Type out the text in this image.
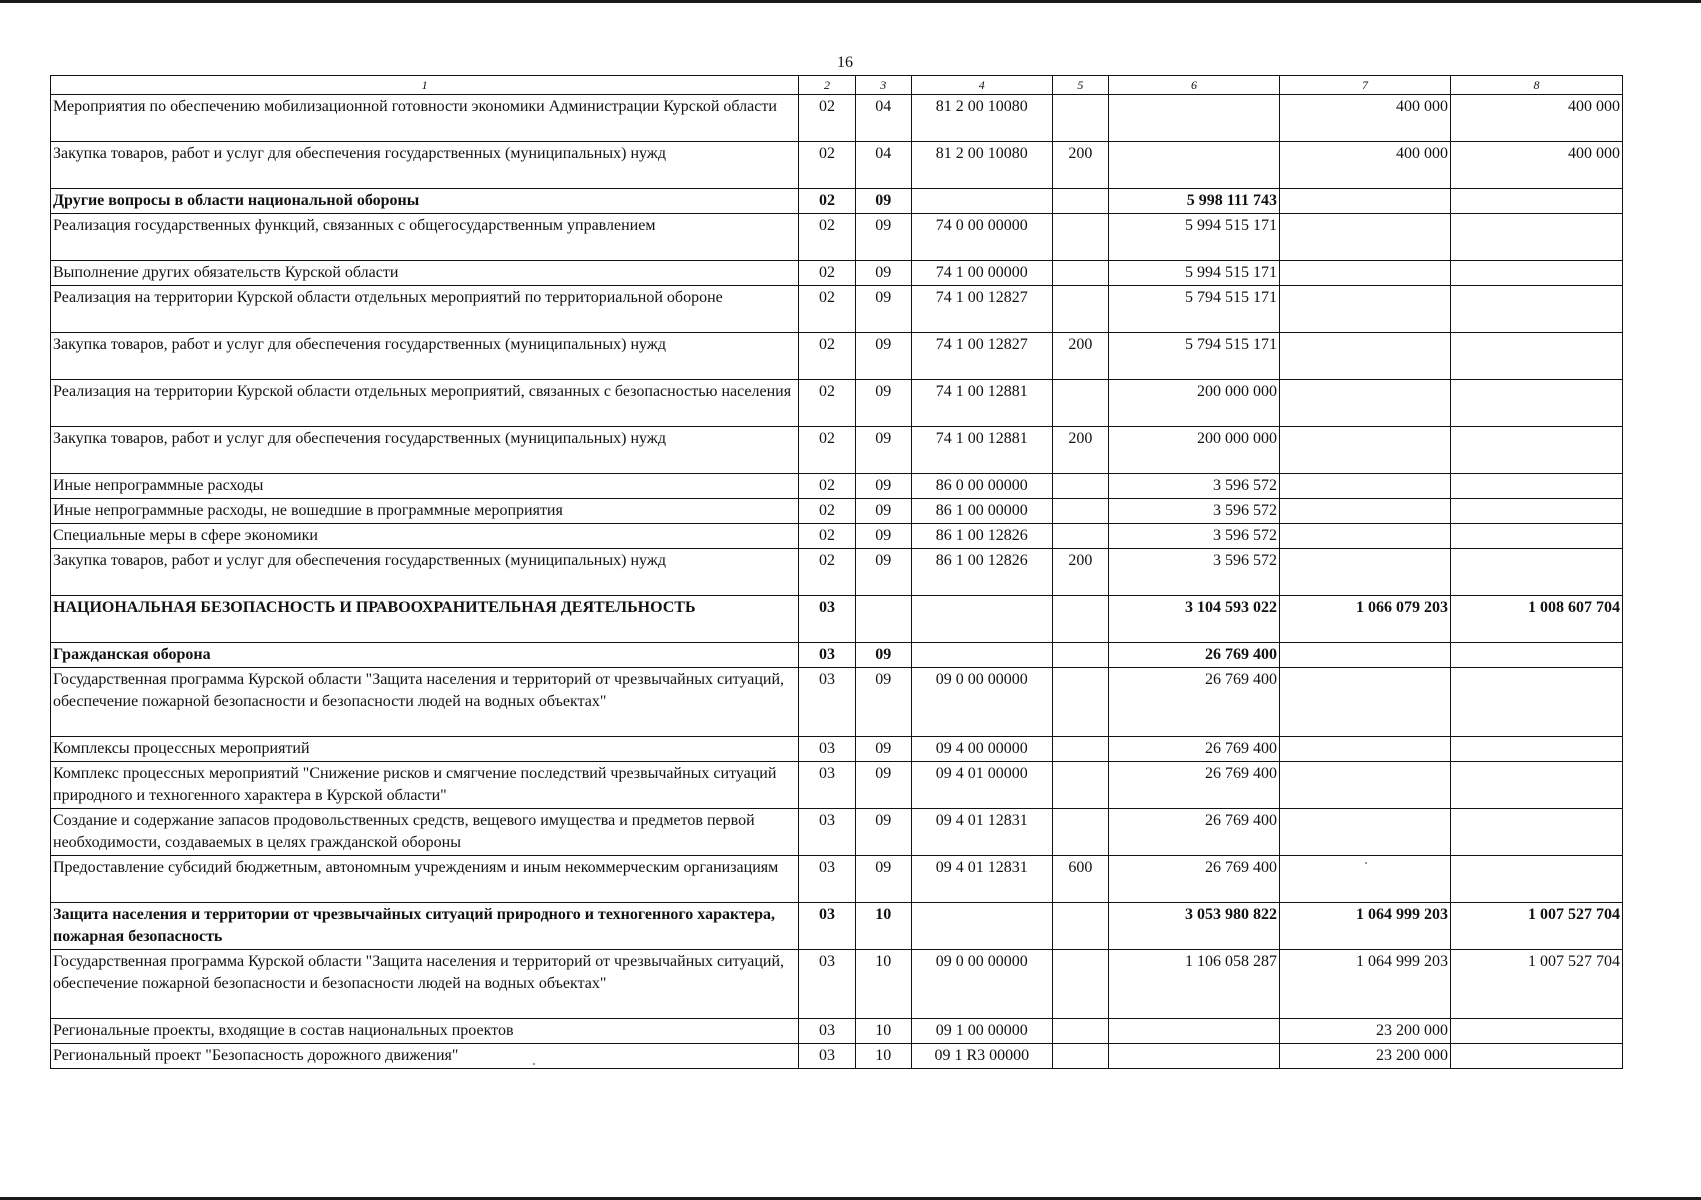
16
1	2	3	4	5	6	7	8
Мероприятия по обеспечению мобилизационной готовности экономики Администрации Курской области	02	04	81 2 00 10080			400 000	400 000
Закупка товаров, работ и услуг для обеспечения государственных (муниципальных) нужд	02	04	81 2 00 10080	200		400 000	400 000
Другие вопросы в области национальной обороны	02	09			5 998 111 743		
Реализация государственных функций, связанных с общегосударственным управлением	02	09	74 0 00 00000		5 994 515 171		
Выполнение других обязательств Курской области	02	09	74 1 00 00000		5 994 515 171		
Реализация на территории Курской области отдельных мероприятий по территориальной обороне	02	09	74 1 00 12827		5 794 515 171		
Закупка товаров, работ и услуг для обеспечения государственных (муниципальных) нужд	02	09	74 1 00 12827	200	5 794 515 171		
Реализация на территории Курской области отдельных мероприятий, связанных с безопасностью населения	02	09	74 1 00 12881		200 000 000		
Закупка товаров, работ и услуг для обеспечения государственных (муниципальных) нужд	02	09	74 1 00 12881	200	200 000 000		
Иные непрограммные расходы	02	09	86 0 00 00000		3 596 572		
Иные непрограммные расходы, не вошедшие в программные мероприятия	02	09	86 1 00 00000		3 596 572		
Специальные меры в сфере экономики	02	09	86 1 00 12826		3 596 572		
Закупка товаров, работ и услуг для обеспечения государственных (муниципальных) нужд	02	09	86 1 00 12826	200	3 596 572		
НАЦИОНАЛЬНАЯ БЕЗОПАСНОСТЬ И ПРАВООХРАНИТЕЛЬНАЯ ДЕЯТЕЛЬНОСТЬ	03				3 104 593 022	1 066 079 203	1 008 607 704
Гражданская оборона	03	09			26 769 400		
Государственная программа Курской области "Защита населения и территорий от чрезвычайных ситуаций, обеспечение пожарной безопасности и безопасности людей на водных объектах"	03	09	09 0 00 00000		26 769 400		
Комплексы процессных мероприятий	03	09	09 4 00 00000		26 769 400		
Комплекс процессных мероприятий "Снижение рисков и смягчение последствий чрезвычайных ситуаций природного и техногенного характера в Курской области"	03	09	09 4 01 00000		26 769 400		
Создание и содержание запасов продовольственных средств, вещевого имущества и предметов первой необходимости, создаваемых в целях гражданской обороны	03	09	09 4 01 12831		26 769 400		
Предоставление субсидий бюджетным, автономным учреждениям и иным некоммерческим организациям	03	09	09 4 01 12831	600	26 769 400		
Защита населения и территории от чрезвычайных ситуаций природного и техногенного характера, пожарная безопасность	03	10			3 053 980 822	1 064 999 203	1 007 527 704
Государственная программа Курской области "Защита населения и территорий от чрезвычайных ситуаций, обеспечение пожарной безопасности и безопасности людей на водных объектах"	03	10	09 0 00 00000		1 106 058 287	1 064 999 203	1 007 527 704
Региональные проекты, входящие в состав национальных проектов	03	10	09 1 00 00000			23 200 000	
Региональный проект "Безопасность дорожного движения"	03	10	09 1 R3 00000			23 200 000	
